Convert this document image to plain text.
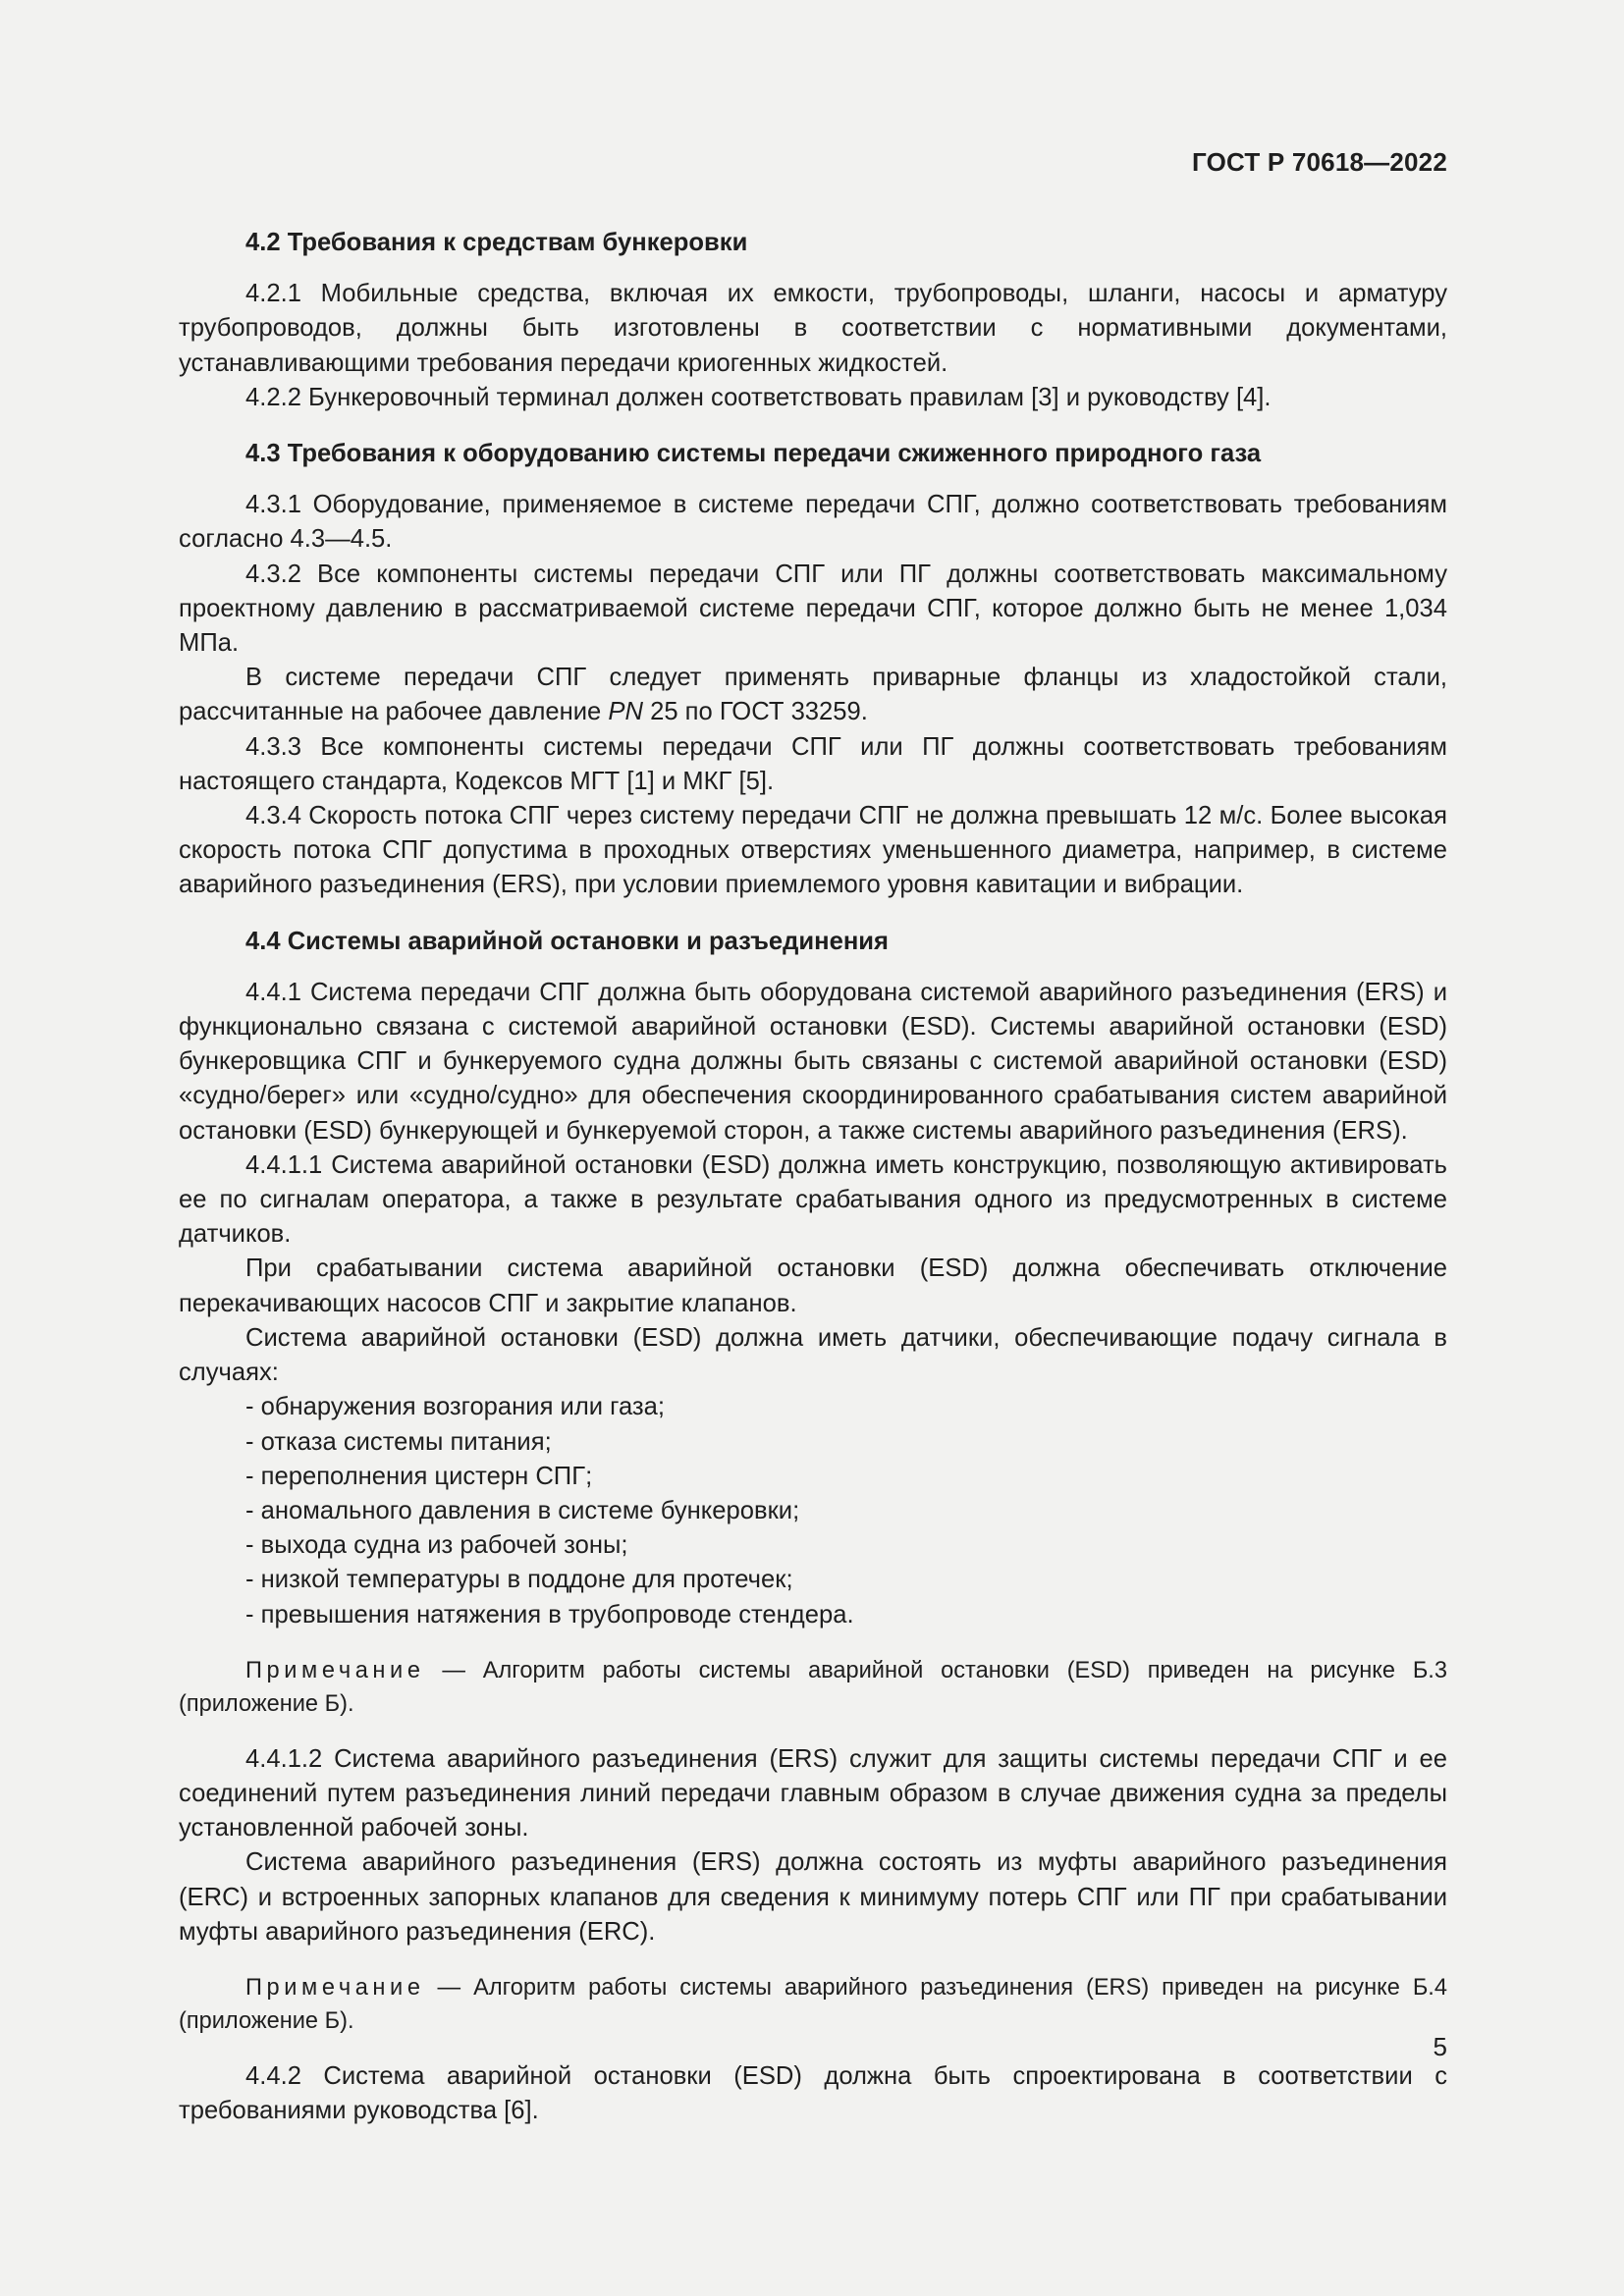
ГОСТ Р 70618—2022
4.2 Требования к средствам бункеровки

4.2.1 Мобильные средства, включая их емкости, трубопроводы, шланги, насосы и арматуру трубопроводов, должны быть изготовлены в соответствии с нормативными документами, устанавливающими требования передачи криогенных жидкостей.

4.2.2 Бункеровочный терминал должен соответствовать правилам [3] и руководству [4].

4.3 Требования к оборудованию системы передачи сжиженного природного газа

4.3.1 Оборудование, применяемое в системе передачи СПГ, должно соответствовать требованиям согласно 4.3—4.5.

4.3.2 Все компоненты системы передачи СПГ или ПГ должны соответствовать максимальному проектному давлению в рассматриваемой системе передачи СПГ, которое должно быть не менее 1,034 МПа.

В системе передачи СПГ следует применять приварные фланцы из хладостойкой стали, рассчитанные на рабочее давление PN 25 по ГОСТ 33259.

4.3.3 Все компоненты системы передачи СПГ или ПГ должны соответствовать требованиям настоящего стандарта, Кодексов МГТ [1] и МКГ [5].

4.3.4 Скорость потока СПГ через систему передачи СПГ не должна превышать 12 м/с. Более высокая скорость потока СПГ допустима в проходных отверстиях уменьшенного диаметра, например, в системе аварийного разъединения (ERS), при условии приемлемого уровня кавитации и вибрации.

4.4 Системы аварийной остановки и разъединения

4.4.1 Система передачи СПГ должна быть оборудована системой аварийного разъединения (ERS) и функционально связана с системой аварийной остановки (ESD). Системы аварийной остановки (ESD) бункеровщика СПГ и бункеруемого судна должны быть связаны с системой аварийной остановки (ESD) «судно/берег» или «судно/судно» для обеспечения скоординированного срабатывания систем аварийной остановки (ESD) бункерующей и бункеруемой сторон, а также системы аварийного разъединения (ERS).

4.4.1.1 Система аварийной остановки (ESD) должна иметь конструкцию, позволяющую активировать ее по сигналам оператора, а также в результате срабатывания одного из предусмотренных в системе датчиков.

При срабатывании система аварийной остановки (ESD) должна обеспечивать отключение перекачивающих насосов СПГ и закрытие клапанов.

Система аварийной остановки (ESD) должна иметь датчики, обеспечивающие подачу сигнала в случаях:

- обнаружения возгорания или газа;
- отказа системы питания;
- переполнения цистерн СПГ;
- аномального давления в системе бункеровки;
- выхода судна из рабочей зоны;
- низкой температуры в поддоне для протечек;
- превышения натяжения в трубопроводе стендера.

Примечание — Алгоритм работы системы аварийной остановки (ESD) приведен на рисунке Б.3 (приложение Б).

4.4.1.2 Система аварийного разъединения (ERS) служит для защиты системы передачи СПГ и ее соединений путем разъединения линий передачи главным образом в случае движения судна за пределы установленной рабочей зоны.

Система аварийного разъединения (ERS) должна состоять из муфты аварийного разъединения (ERC) и встроенных запорных клапанов для сведения к минимуму потерь СПГ или ПГ при срабатывании муфты аварийного разъединения (ERC).

Примечание — Алгоритм работы системы аварийного разъединения (ERS) приведен на рисунке Б.4 (приложение Б).

4.4.2 Система аварийной остановки (ESD) должна быть спроектирована в соответствии с требованиями руководства [6].

5
